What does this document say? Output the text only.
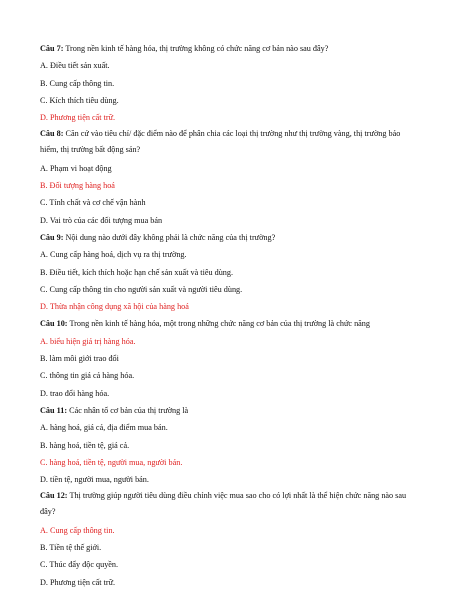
Câu 7: Trong nền kinh tế hàng hóa, thị trường không có chức năng cơ bản nào sau đây?
A. Điều tiết sản xuất.
B. Cung cấp thông tin.
C. Kích thích tiêu dùng.
D. Phương tiện cất trữ.
Câu 8: Căn cứ vào tiêu chí/ đặc điểm nào để phân chia các loại thị trường như thị trường vàng, thị trường bảo hiểm, thị trường bất động sản?
A. Phạm vi hoạt động
B. Đối tượng hàng hoá
C. Tính chất và cơ chế vận hành
D. Vai trò của các đối tượng mua bán
Câu 9: Nội dung nào dưới đây không phải là chức năng của thị trường?
A. Cung cấp hàng hoá, dịch vụ ra thị trường.
B. Điều tiết, kích thích hoặc hạn chế sản xuất và tiêu dùng.
C. Cung cấp thông tin cho người sản xuất và người tiêu dùng.
D. Thừa nhận công dụng xã hội của hàng hoá
Câu 10: Trong nền kinh tế hàng hóa, một trong những chức năng cơ bản của thị trường là chức năng
A. biểu hiện giá trị hàng hóa.
B. làm môi giới trao đổi
C. thông tin giá cả hàng hóa.
D. trao đổi hàng hóa.
Câu 11: Các nhân tố cơ bản của thị trường là
A. hàng hoá, giá cả, địa điểm mua bán.
B. hàng hoá, tiền tệ, giá cả.
C. hàng hoá, tiền tệ, người mua, người bán.
D. tiền tệ, người mua, người bán.
Câu 12: Thị trường giúp người tiêu dùng điều chỉnh việc mua sao cho có lợi nhất là thể hiện chức năng nào sau đây?
A. Cung cấp thông tin.
B. Tiền tệ thế giới.
C. Thúc đẩy độc quyền.
D. Phương tiện cất trữ.
